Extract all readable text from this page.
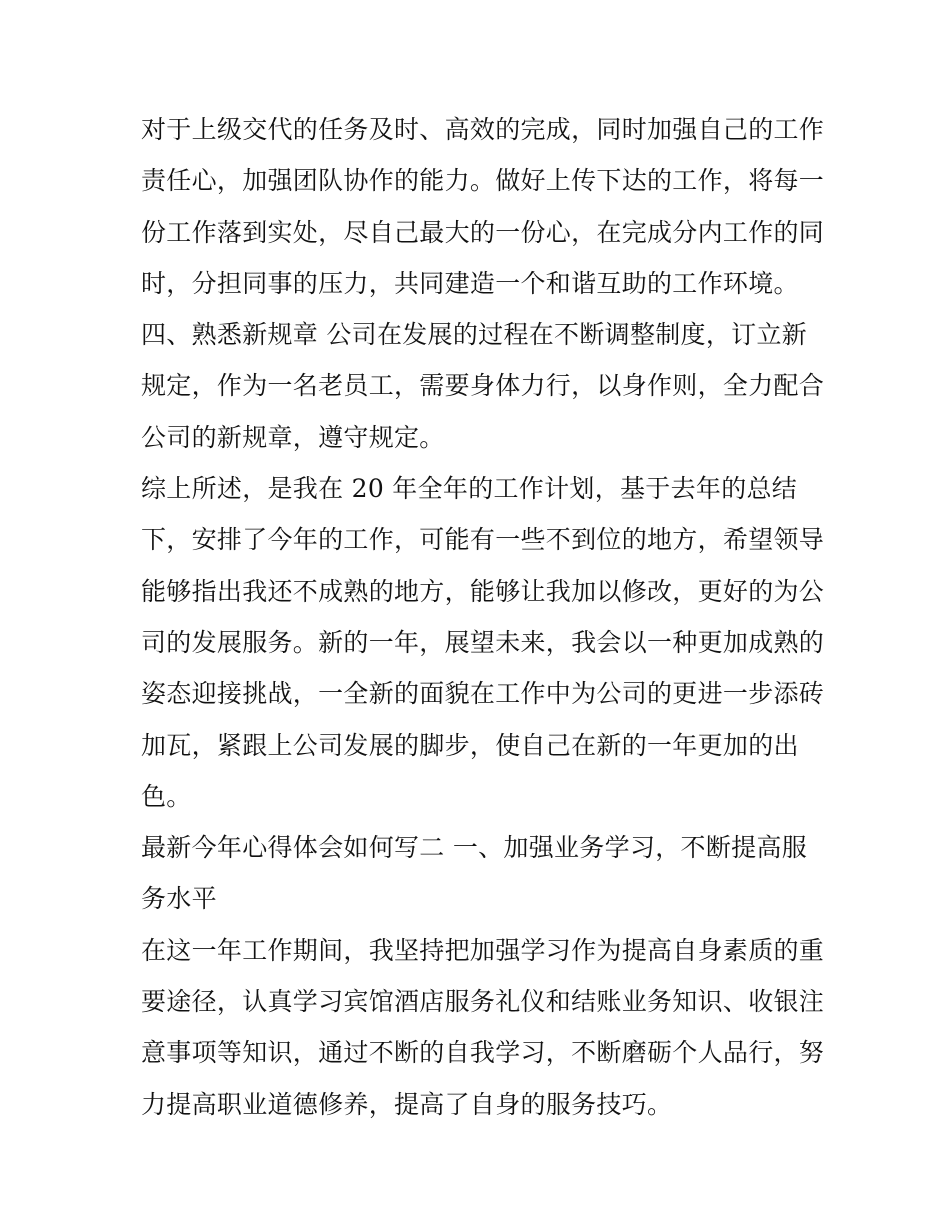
对于上级交代的任务及时、高效的完成，同时加强自己的工作
责任心，加强团队协作的能力。做好上传下达的工作，将每一
份工作落到实处，尽自己最大的一份心，在完成分内工作的同
时，分担同事的压力，共同建造一个和谐互助的工作环境。
四、熟悉新规章 公司在发展的过程在不断调整制度，订立新
规定，作为一名老员工，需要身体力行，以身作则，全力配合
公司的新规章，遵守规定。
综上所述，是我在 20 年全年的工作计划，基于去年的总结
下，安排了今年的工作，可能有一些不到位的地方，希望领导
能够指出我还不成熟的地方，能够让我加以修改，更好的为公
司的发展服务。新的一年，展望未来，我会以一种更加成熟的
姿态迎接挑战，一全新的面貌在工作中为公司的更进一步添砖
加瓦，紧跟上公司发展的脚步，使自己在新的一年更加的出
色。
最新今年心得体会如何写二 一、加强业务学习，不断提高服
务水平
在这一年工作期间，我坚持把加强学习作为提高自身素质的重
要途径，认真学习宾馆酒店服务礼仪和结账业务知识、收银注
意事项等知识，通过不断的自我学习，不断磨砺个人品行，努
力提高职业道德修养，提高了自身的服务技巧。
